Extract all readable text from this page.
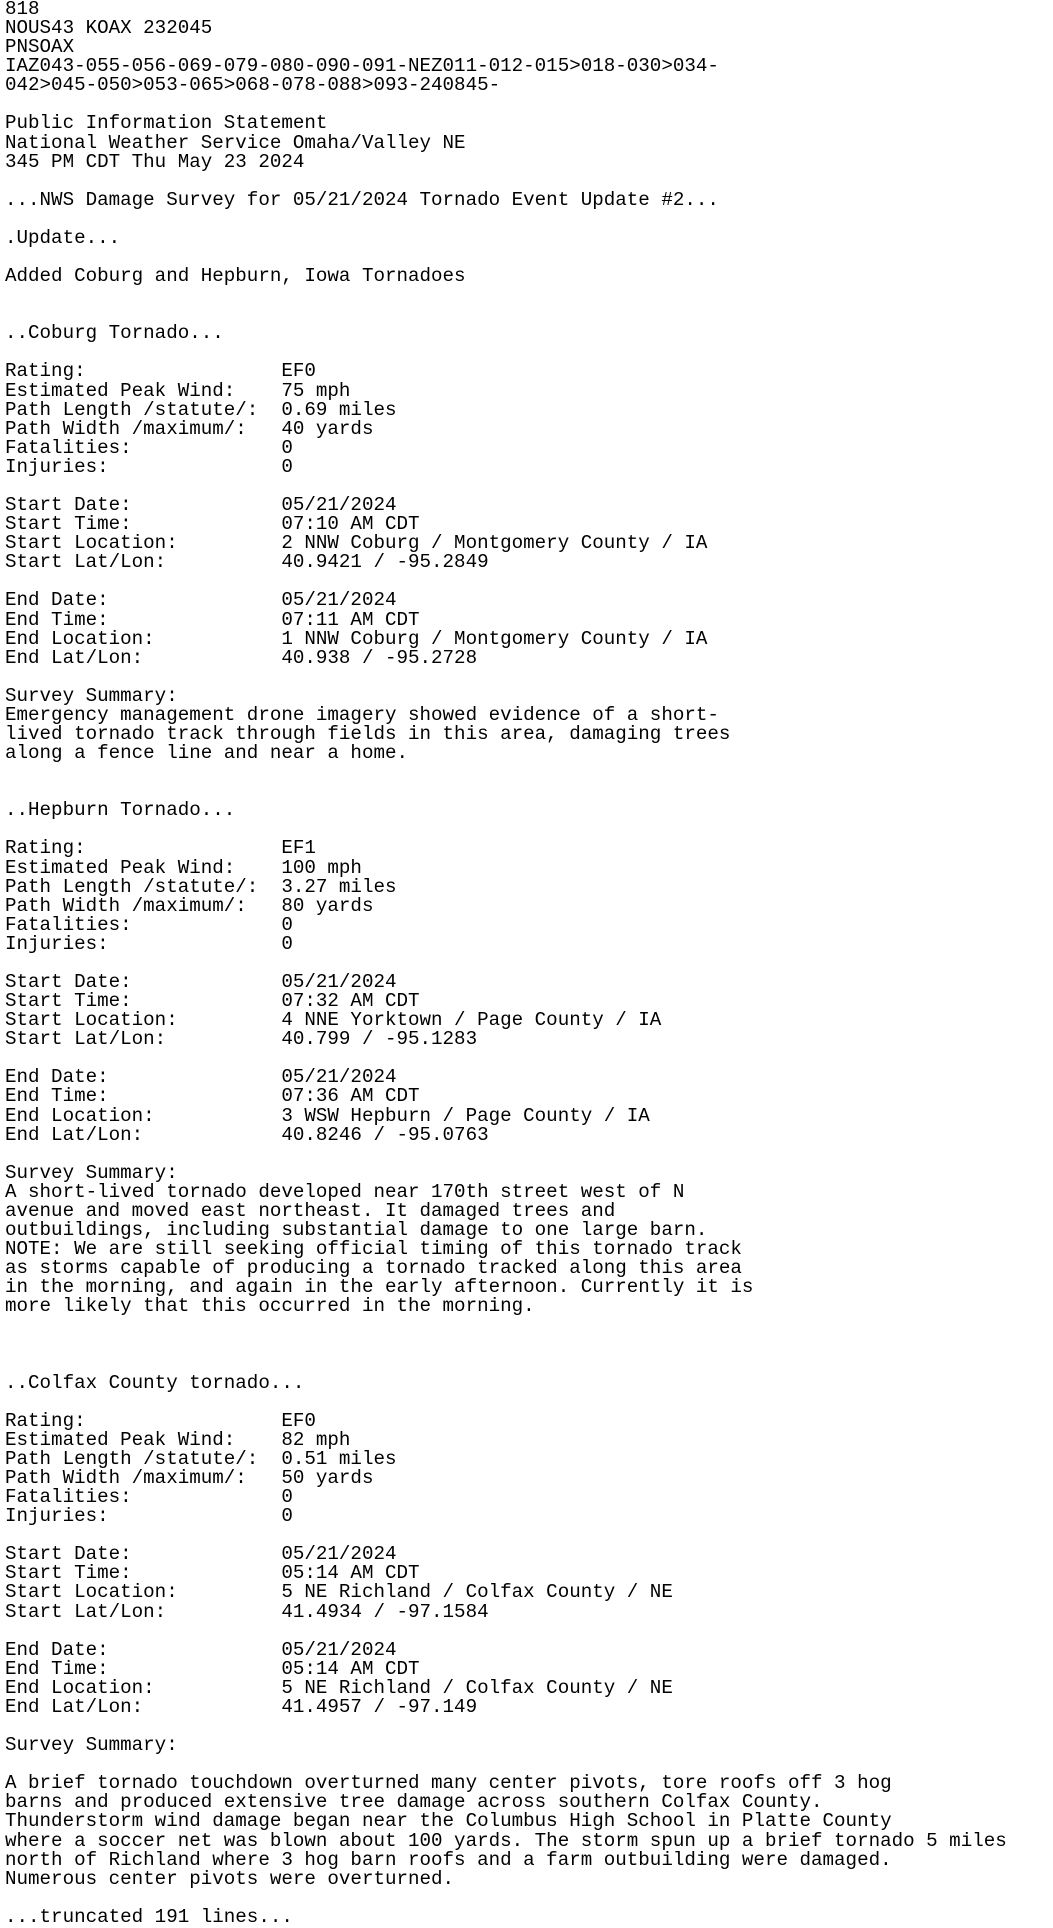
818
NOUS43 KOAX 232045
PNSOAX
IAZ043-055-056-069-079-080-090-091-NEZ011-012-015>018-030>034-
042>045-050>053-065>068-078-088>093-240845-
Public Information Statement
National Weather Service Omaha/Valley NE
345 PM CDT Thu May 23 2024
...NWS Damage Survey for 05/21/2024 Tornado Event Update #2...
.Update...
Added Coburg and Hepburn, Iowa Tornadoes
..Coburg Tornado...
Rating:                 EF0
Estimated Peak Wind:    75 mph
Path Length /statute/:  0.69 miles
Path Width /maximum/:   40 yards
Fatalities:             0
Injuries:               0
Start Date:             05/21/2024
Start Time:             07:10 AM CDT
Start Location:         2 NNW Coburg / Montgomery County / IA
Start Lat/Lon:          40.9421 / -95.2849
End Date:               05/21/2024
End Time:               07:11 AM CDT
End Location:           1 NNW Coburg / Montgomery County / IA
End Lat/Lon:            40.938 / -95.2728
Survey Summary:
Emergency management drone imagery showed evidence of a short-
lived tornado track through fields in this area, damaging trees
along a fence line and near a home.
..Hepburn Tornado...
Rating:                 EF1
Estimated Peak Wind:    100 mph
Path Length /statute/:  3.27 miles
Path Width /maximum/:   80 yards
Fatalities:             0
Injuries:               0
Start Date:             05/21/2024
Start Time:             07:32 AM CDT
Start Location:         4 NNE Yorktown / Page County / IA
Start Lat/Lon:          40.799 / -95.1283
End Date:               05/21/2024
End Time:               07:36 AM CDT
End Location:           3 WSW Hepburn / Page County / IA
End Lat/Lon:            40.8246 / -95.0763
Survey Summary:
A short-lived tornado developed near 170th street west of N
avenue and moved east northeast. It damaged trees and
outbuildings, including substantial damage to one large barn.
NOTE: We are still seeking official timing of this tornado track
as storms capable of producing a tornado tracked along this area
in the morning, and again in the early afternoon. Currently it is
more likely that this occurred in the morning.
..Colfax County tornado...
Rating:                 EF0
Estimated Peak Wind:    82 mph
Path Length /statute/:  0.51 miles
Path Width /maximum/:   50 yards
Fatalities:             0
Injuries:               0
Start Date:             05/21/2024
Start Time:             05:14 AM CDT
Start Location:         5 NE Richland / Colfax County / NE
Start Lat/Lon:          41.4934 / -97.1584
End Date:               05/21/2024
End Time:               05:14 AM CDT
End Location:           5 NE Richland / Colfax County / NE
End Lat/Lon:            41.4957 / -97.149
Survey Summary:
A brief tornado touchdown overturned many center pivots, tore roofs off 3 hog
barns and produced extensive tree damage across southern Colfax County.
Thunderstorm wind damage began near the Columbus High School in Platte County
where a soccer net was blown about 100 yards. The storm spun up a brief tornado 5 miles
north of Richland where 3 hog barn roofs and a farm outbuilding were damaged.
Numerous center pivots were overturned.
...truncated 191 lines...
